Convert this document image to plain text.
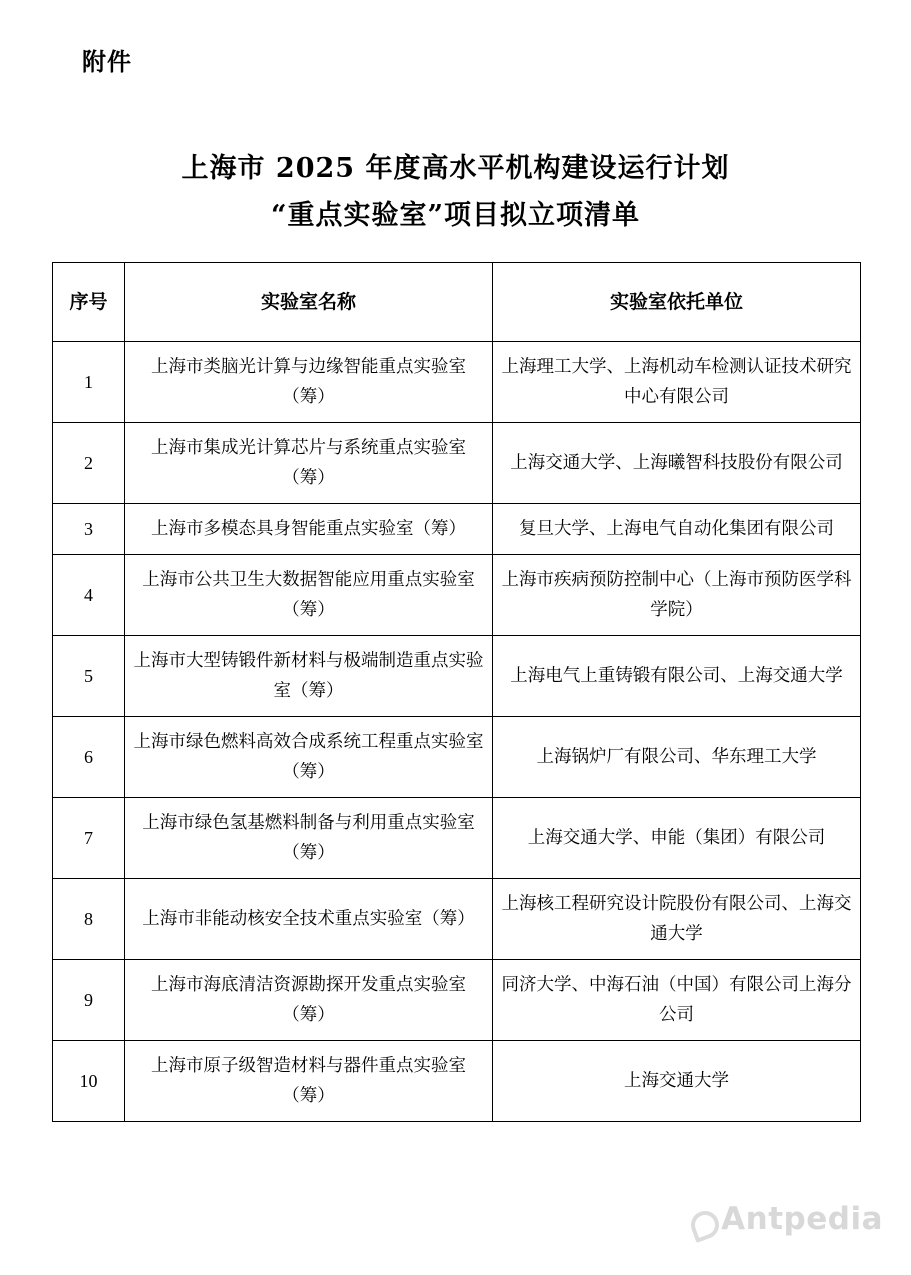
附件
上海市 2025 年度高水平机构建设运行计划
“重点实验室”项目拟立项清单
序号	实验室名称	实验室依托单位
1	上海市类脑光计算与边缘智能重点实验室（筹）	上海理工大学、上海机动车检测认证技术研究中心有限公司
2	上海市集成光计算芯片与系统重点实验室（筹）	上海交通大学、上海曦智科技股份有限公司
3	上海市多模态具身智能重点实验室（筹）	复旦大学、上海电气自动化集团有限公司
4	上海市公共卫生大数据智能应用重点实验室（筹）	上海市疾病预防控制中心（上海市预防医学科学院）
5	上海市大型铸锻件新材料与极端制造重点实验室（筹）	上海电气上重铸锻有限公司、上海交通大学
6	上海市绿色燃料高效合成系统工程重点实验室（筹）	上海锅炉厂有限公司、华东理工大学
7	上海市绿色氢基燃料制备与利用重点实验室（筹）	上海交通大学、申能（集团）有限公司
8	上海市非能动核安全技术重点实验室（筹）	上海核工程研究设计院股份有限公司、上海交通大学
9	上海市海底清洁资源勘探开发重点实验室（筹）	同济大学、中海石油（中国）有限公司上海分公司
10	上海市原子级智造材料与器件重点实验室（筹）	上海交通大学
Antpedia
